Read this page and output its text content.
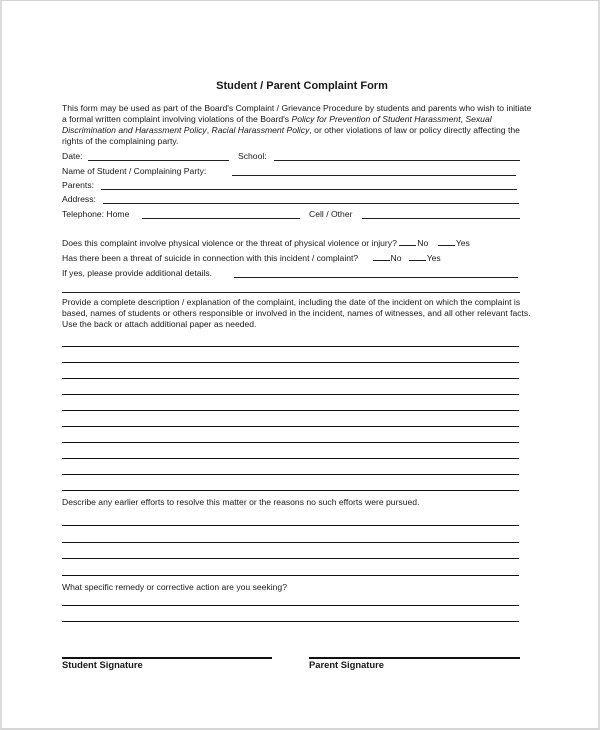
Student / Parent Complaint Form
This form may be used as part of the Board's Complaint / Grievance Procedure by students and parents who wish to initiate a formal written complaint involving violations of the Board's Policy for Prevention of Student Harassment, Sexual Discrimination and Harassment Policy, Racial Harassment Policy, or other violations of law or policy directly affecting the rights of the complaining party.
Date:	School:
Name of Student / Complaining Party:
Parents:
Address:
Telephone: Home	Cell / Other
Does this complaint involve physical violence or the threat of physical violence or injury? No	Yes
Has there been a threat of suicide in connection with this incident / complaint?	No	Yes
If yes, please provide additional details.
Provide a complete description / explanation of the complaint, including the date of the incident on which the complaint is based, names of students or others responsible or involved in the incident, names of witnesses, and all other relevant facts. Use the back or attach additional paper as needed.
Describe any earlier efforts to resolve this matter or the reasons no such efforts were pursued.
What specific remedy or corrective action are you seeking?
Student Signature	Parent Signature
